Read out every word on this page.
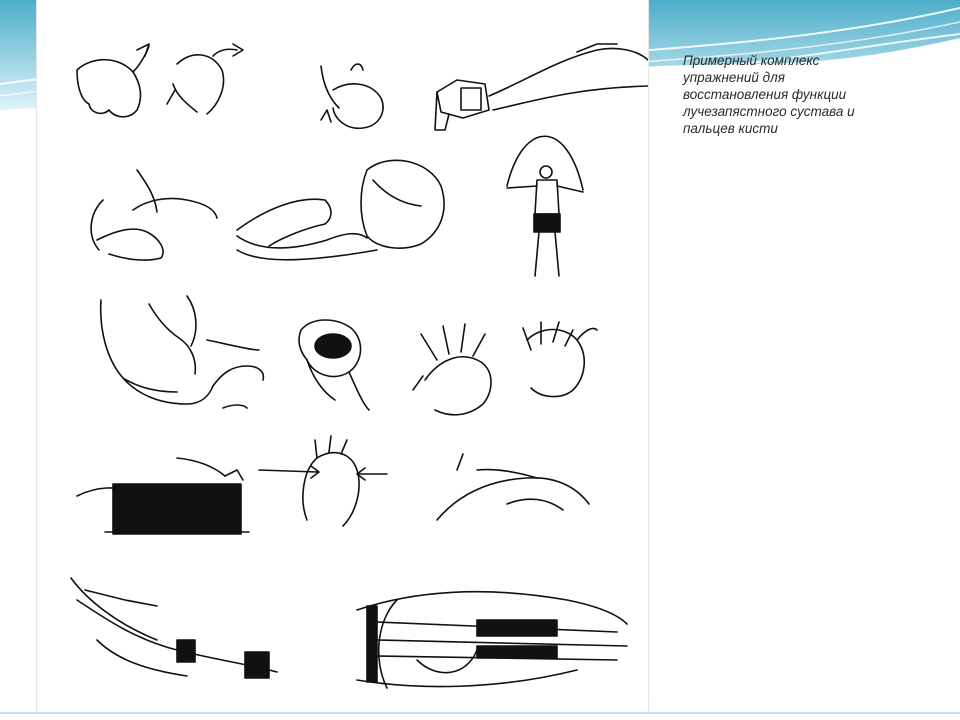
Примерный комплекс
упражнений для
восстановления функции
лучезапястного сустава и
пальцев кисти
